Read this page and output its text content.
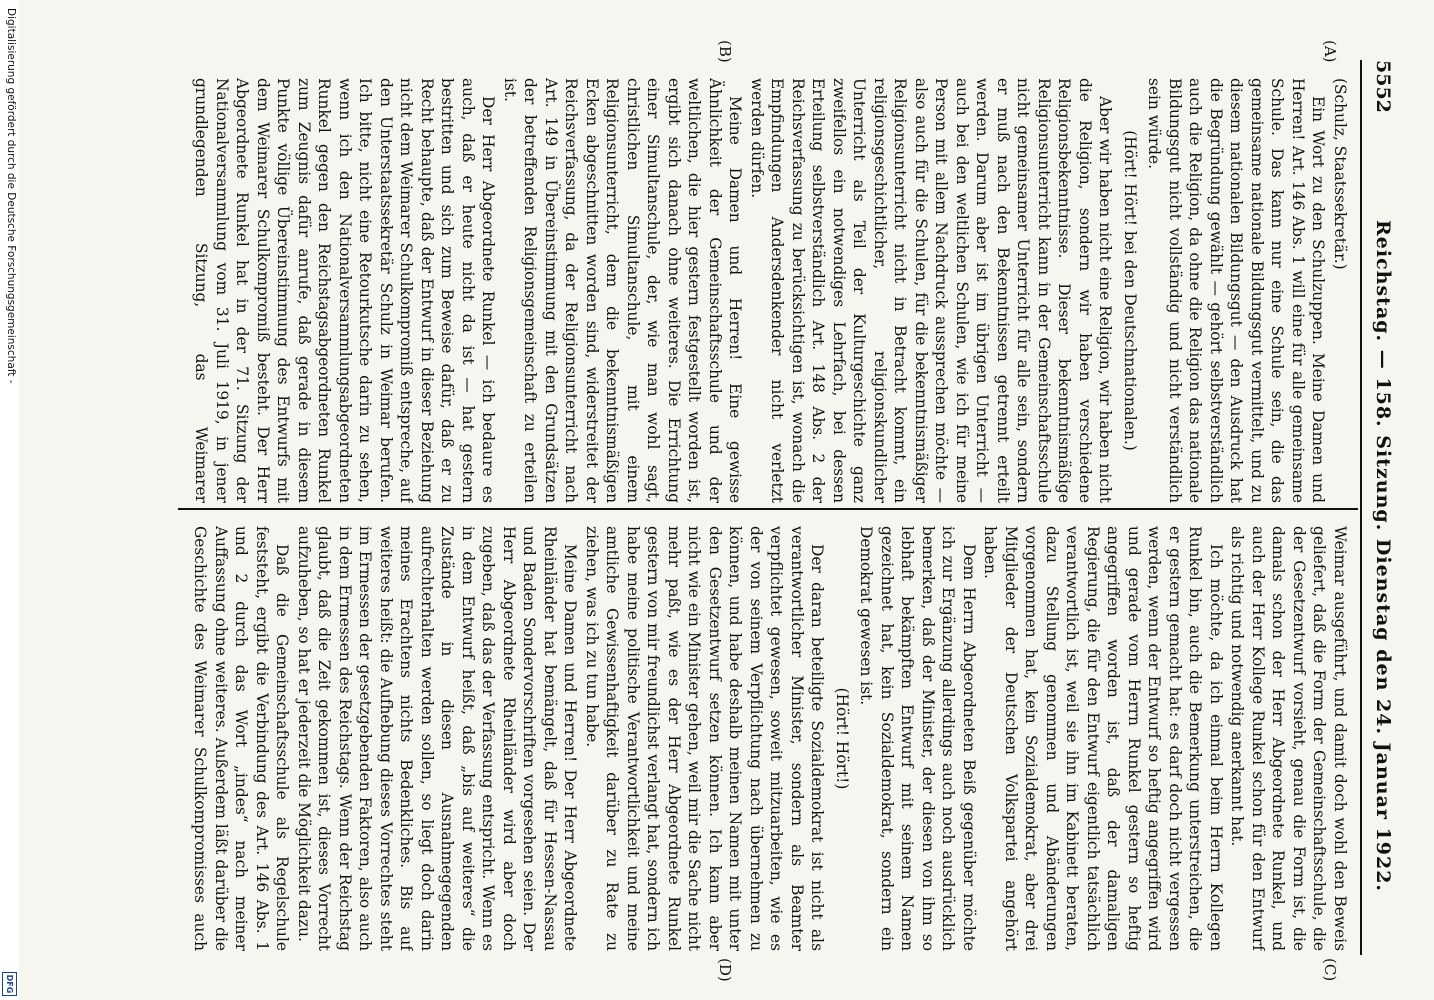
5552
Reichstag. — 158. Sitzung. Dienstag den 24. Januar 1922.
(A)
(B)
(C)
(D)

(Schulz, Staatssekretär.)

Ein Wort zu den Schulzuppen. Meine Damen und Herren! Art. 146 Abs. 1 will eine für alle gemeinsame Schule. Das kann nur eine Schule sein, die das gemeinsame nationale Bildungsgut vermittelt, und zu diesem nationalen Bildungsgut — den Ausdruck hat die Begründung gewählt — gehört selbstverständlich auch die Religion, da ohne die Religion das nationale Bildungsgut nicht vollständig und nicht verständlich sein würde.

(Hört! Hört! bei den Deutschnationalen.)

Aber wir haben nicht eine Religion, wir haben nicht die Religion, sondern wir haben verschiedene Religionsbekenntnisse. Dieser bekenntnismäßige Religionsunterricht kann in der Gemeinschaftsschule nicht gemeinsamer Unterricht für alle sein, sondern er muß nach den Bekenntnissen getrennt erteilt werden. Darum aber ist im übrigen Unterricht — auch bei den weltlichen Schulen, wie ich für meine Person mit allem Nachdruck aussprechen möchte — also auch für die Schulen, für die bekenntnismäßiger Religionsunterricht nicht in Betracht kommt, ein religionsgeschichtlicher, religionskundlicher Unterricht als Teil der Kulturgeschichte ganz zweifellos ein notwendiges Lehrfach, bei dessen Erteilung selbstverständlich Art. 148 Abs. 2 der Reichsverfassung zu berücksichtigen ist, wonach die Empfindungen Andersdenkender nicht verletzt werden dürfen.

Meine Damen und Herren! Eine gewisse Ähnlichkeit der Gemeinschaftsschule und der weltlichen, die hier gestern festgestellt worden ist, ergibt sich danach ohne weiteres. Die Errichtung einer Simultanschule, der, wie man wohl sagt, christlichen Simultanschule, mit einem Religionsunterricht, dem die bekenntnismäßigen Ecken abgeschnitten worden sind, widerstreitet der Reichsverfassung, da der Religionsunterricht nach Art. 149 in Übereinstimmung mit den Grundsätzen der betreffenden Religionsgemeinschaft zu erteilen ist.

Der Herr Abgeordnete Runkel — ich bedaure es auch, daß er heute nicht da ist — hat gestern bestritten und sich zum Beweise dafür, daß er zu Recht behaupte, daß der Entwurf in dieser Beziehung nicht dem Weimarer Schulkompromiß entspreche, auf den Unterstaatssekretär Schulz in Weimar berufen. Ich bitte, nicht eine Retourkutsche darin zu sehen, wenn ich den Nationalversammlungsabgeordneten Runkel gegen den Reichstagsabgeordneten Runkel zum Zeugnis dafür anrufe, daß gerade in diesem Punkte völlige Übereinstimmung des Entwurfs mit dem Weimarer Schulkompromiß besteht. Der Herr Abgeordnete Runkel hat in der 71. Sitzung der Nationalversammlung vom 31. Juli 1919, in jener grundlegenden Sitzung, das Weimarer

Weimar ausgeführt, und damit doch wohl den Beweis geliefert, daß die Form der Gemeinschaftsschule, die der Gesetzentwurf vorsieht, genau die Form ist, die damals schon der Herr Abgeordnete Runkel, und auch der Herr Kollege Runkel schon für den Entwurf als richtig und notwendig anerkannt hat.

Ich möchte, da ich einmal beim Herrn Kollegen Runkel bin, auch die Bemerkung unterstreichen, die er gestern gemacht hat: es darf doch nicht vergessen werden, wenn der Entwurf so heftig angegriffen wird und gerade vom Herrn Runkel gestern so heftig angegriffen worden ist, daß der damaligen Regierung, die für den Entwurf eigentlich tatsächlich verantwortlich ist, weil sie ihn im Kabinett beraten, dazu Stellung genommen und Abänderungen vorgenommen hat, kein Sozialdemokrat, aber drei Mitglieder der Deutschen Volkspartei angehört haben.

Dem Herrn Abgeordneten Beiß gegenüber möchte ich zur Ergänzung allerdings auch noch ausdrücklich bemerken, daß der Minister, der diesen von ihm so lebhaft bekämpften Entwurf mit seinem Namen gezeichnet hat, kein Sozialdemokrat, sondern ein Demokrat gewesen ist.

(Hört! Hört!)

Der daran beteiligte Sozialdemokrat ist nicht als verantwortlicher Minister, sondern als Beamter verpflichtet gewesen, soweit mitzuarbeiten, wie es der von seinem Verpflichtung nach übernehmen zu können, und habe deshalb meinen Namen mit unter den Gesetzentwurf setzen können. Ich kann aber nicht wie ein Minister gehen, weil mir die Sache nicht mehr paßt, wie es der Herr Abgeordnete Runkel gestern von mir freundlichst verlangt hat, sondern ich habe meine politische Verantwortlichkeit und meine amtliche Gewissenhaftigkeit darüber zu Rate zu ziehen, was ich zu tun habe.

Meine Damen und Herren! Der Herr Abgeordnete Rheinländer hat bemängelt, daß für Hessen-Nassau und Baden Sondervorschriften vorgesehen seien. Der Herr Abgeordnete Rheinländer wird aber doch zugeben, daß das der Verfassung entspricht. Wenn es in dem Entwurf heißt, daß „bis auf weiteres“ die Zustände in diesen Ausnahmegegenden aufrechterhalten werden sollen, so liegt doch darin meines Erachtens nichts Bedenkliches. Bis auf weiteres heißt: die Aufhebung dieses Vorrechtes steht im Ermessen der gesetzgebenden Faktoren, also auch in dem Ermessen des Reichstags. Wenn der Reichstag glaubt, daß die Zeit gekommen ist, dieses Vorrecht aufzuheben, so hat er jederzeit die Möglichkeit dazu.

Daß die Gemeinschaftsschule als Regelschule feststeht, ergibt die Verbindung des Art. 146 Abs. 1 und 2 durch das Wort „indes“ nach meiner Auffassung ohne weiteres. Außerdem läßt darüber die Geschichte des Weimarer Schulkompromisses auch

Digitalisierung gefördert durch die Deutsche Forschungsgemeinschaft -
DFG
